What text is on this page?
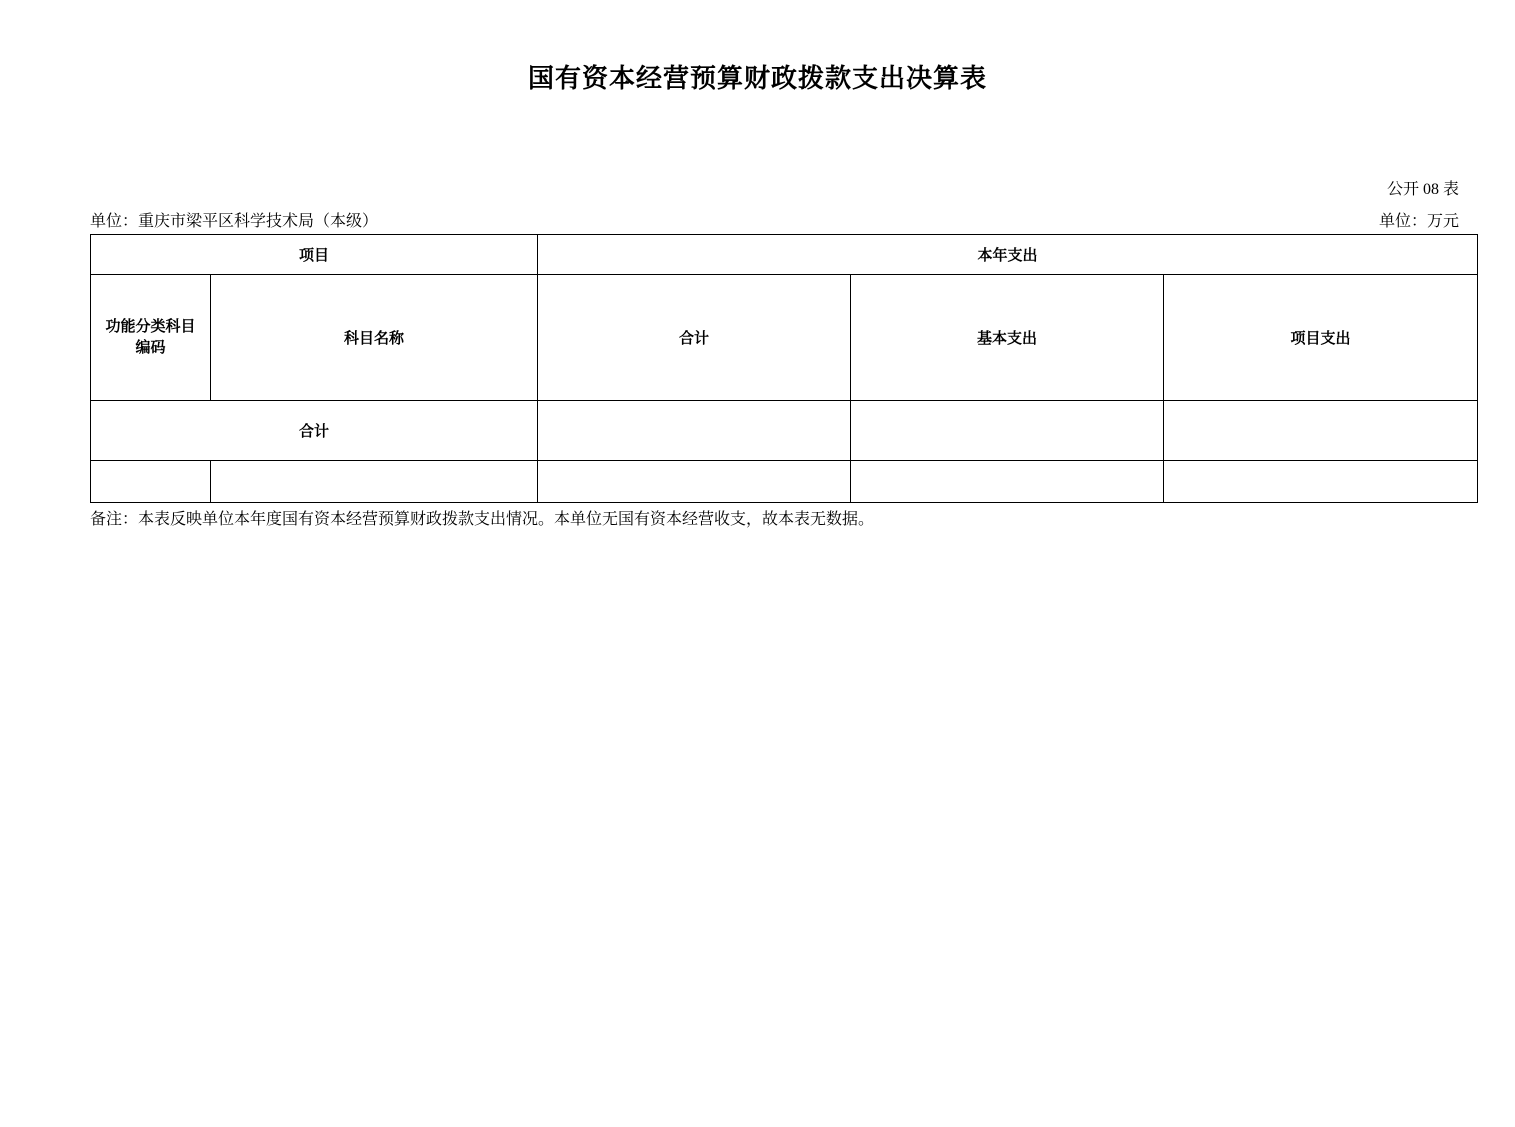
国有资本经营预算财政拨款支出决算表
公开 08 表
单位：重庆市梁平区科学技术局（本级）	单位：万元
项目		本年支出		
功能分类科目
编码	科目名称	合计	基本支出	项目支出
合计				

备注：本表反映单位本年度国有资本经营预算财政拨款支出情况。本单位无国有资本经营收支，故本表无数据。
